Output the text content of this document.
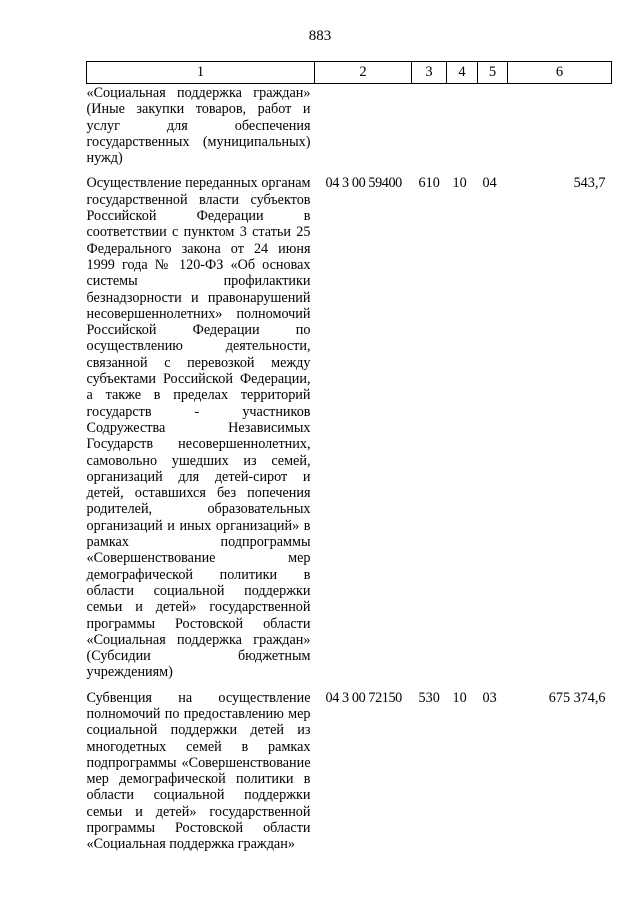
883
1	2	3	4	5	6
«Социальная поддержка граждан» (Иные закупки товаров, работ и услуг для обеспечения государственных (муниципальных) нужд)					
Осуществление переданных органам государственной власти субъектов Российской Федерации в соответствии с пунктом 3 статьи 25 Федерального закона от 24 июня 1999 года № 120-ФЗ «Об основах системы профилактики безнадзорности и правонарушений несовершеннолетних» полномочий Российской Федерации по осуществлению деятельности, связанной с перевозкой между субъектами Российской Федерации, а также в пределах территорий государств - участников Содружества Независимых Государств несовершеннолетних, самовольно ушедших из семей, организаций для детей-сирот и детей, оставшихся без попечения родителей, образовательных организаций и иных организаций» в рамках подпрограммы «Совершенствование мер демографической политики в области социальной поддержки семьи и детей» государственной программы Ростовской области «Социальная поддержка граждан» (Субсидии бюджетным учреждениям)	04 3 00 59400	610	10	04	543,7
Субвенция на осуществление полномочий по предоставлению мер социальной поддержки детей из многодетных семей в рамках подпрограммы «Совершенствование мер демографической политики в области социальной поддержки семьи и детей» государственной программы Ростовской области «Социальная поддержка граждан»	04 3 00 72150	530	10	03	675 374,6
